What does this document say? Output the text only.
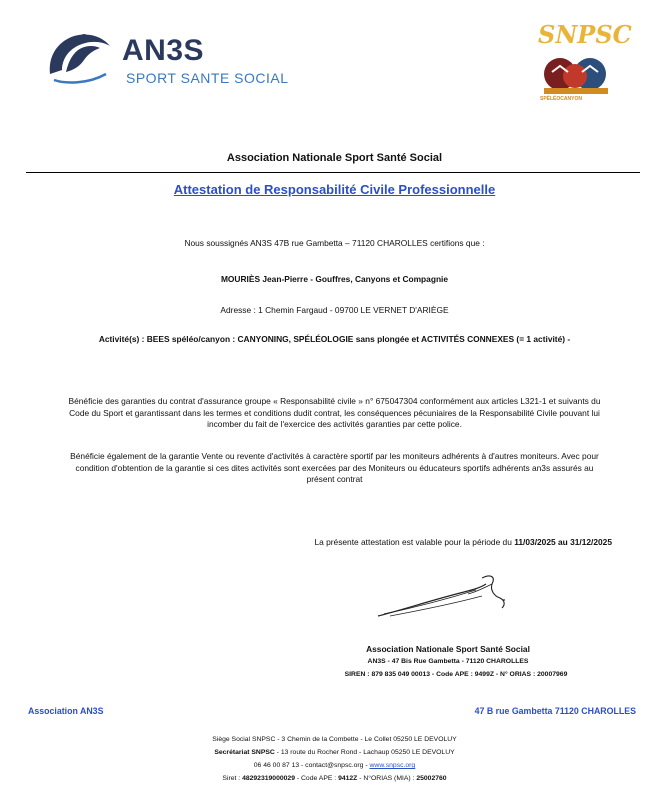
AN3S
SPORT SANTE SOCIAL
SNPSC
SPÉLÉOCANYON
Association Nationale Sport Santé Social
Attestation de Responsabilité Civile Professionnelle
Nous soussignés AN3S 47B rue Gambetta – 71120 CHAROLLES certifions que :
MOURIÈS Jean-Pierre - Gouffres, Canyons et Compagnie
Adresse : 1 Chemin Fargaud - 09700 LE VERNET D'ARIÈGE
Activité(s) : BEES spéléo/canyon : CANYONING, SPÉLÉOLOGIE sans plongée et ACTIVITÉS CONNEXES (= 1 activité) -
Bénéficie des garanties du contrat d'assurance groupe « Responsabilité civile » n° 675047304 conformément aux articles L321-1 et suivants du
Code du Sport et garantissant dans les termes et conditions dudit contrat, les conséquences pécuniaires de la Responsabilité Civile pouvant lui
incomber du fait de l'exercice des activités garanties par cette police.
Bénéficie également de la garantie Vente ou revente d'activités à caractère sportif par les moniteurs adhérents à d'autres moniteurs. Avec pour
condition d'obtention de la garantie si ces dites activités sont exercées par des Moniteurs ou éducateurs sportifs adhérents an3s assurés au
présent contrat
La présente attestation est valable pour la période du 11/03/2025 au 31/12/2025
Association Nationale Sport Santé Social
AN3S - 47 Bis Rue Gambetta - 71120 CHAROLLES
SIREN : 879 835 049 00013 - Code APE : 9499Z - N° ORIAS : 20007969
Association AN3S	47 B rue Gambetta 71120 CHAROLLES
Siège Social SNPSC - 3 Chemin de la Combette - Le Collet 05250 LE DEVOLUY
Secrétariat SNPSC - 13 route du Rocher Rond - Lachaup 05250 LE DEVOLUY
06 46 00 87 13 - contact@snpsc.org - www.snpsc.org
Siret : 48292319000029 - Code APE : 9412Z - N°ORIAS (MIA) : 25002760
